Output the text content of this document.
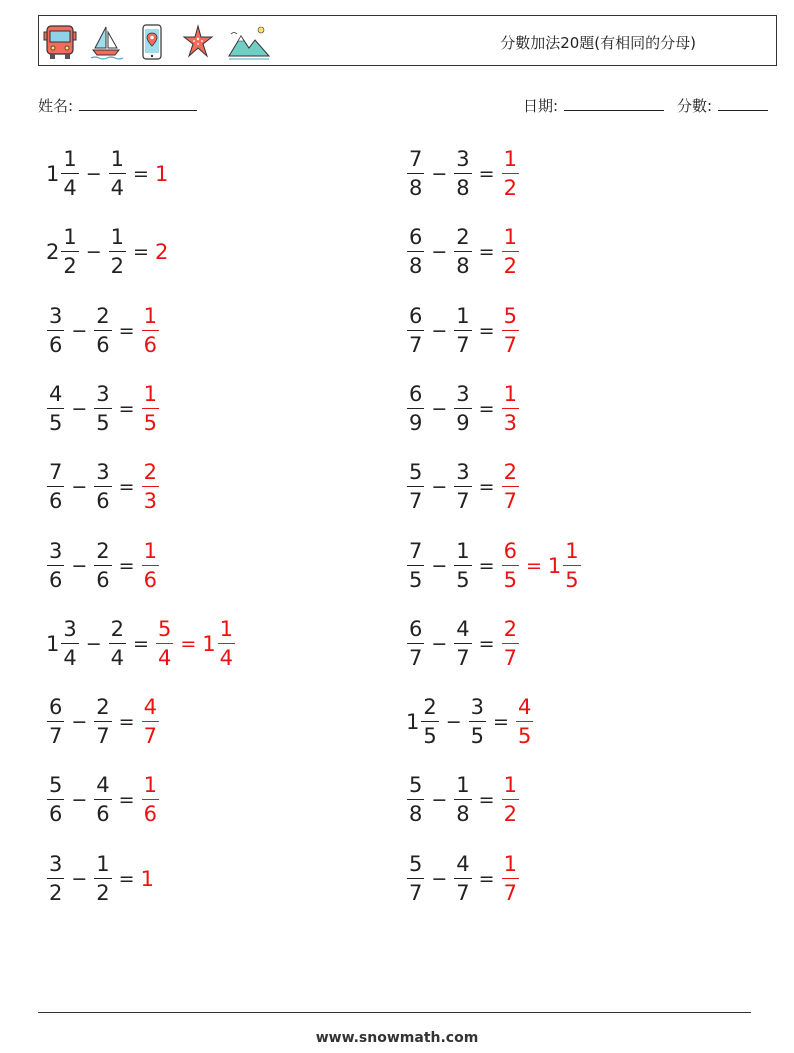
分數加法20題(有相同的分母)
姓名:	日期:	分數:
$1 \frac{1}{4} - \frac{1}{4} = 1$	$\frac{7}{8} - \frac{3}{8} = \frac{1}{2}$
$2 \frac{1}{2} - \frac{1}{2} = 2$	$\frac{6}{8} - \frac{2}{8} = \frac{1}{2}$
$\frac{3}{6} - \frac{2}{6} = \frac{1}{6}$	$\frac{6}{7} - \frac{1}{7} = \frac{5}{7}$
$\frac{4}{5} - \frac{3}{5} = \frac{1}{5}$	$\frac{6}{9} - \frac{3}{9} = \frac{1}{3}$
$\frac{7}{6} - \frac{3}{6} = \frac{2}{3}$	$\frac{5}{7} - \frac{3}{7} = \frac{2}{7}$
$\frac{3}{6} - \frac{2}{6} = \frac{1}{6}$	$\frac{7}{5} - \frac{1}{5} = \frac{6}{5} = 1 \frac{1}{5}$
$1 \frac{3}{4} - \frac{2}{4} = \frac{5}{4} = 1 \frac{1}{4}$	$\frac{6}{7} - \frac{4}{7} = \frac{2}{7}$
$\frac{6}{7} - \frac{2}{7} = \frac{4}{7}$	$1 \frac{2}{5} - \frac{3}{5} = \frac{4}{5}$
$\frac{5}{6} - \frac{4}{6} = \frac{1}{6}$	$\frac{5}{8} - \frac{1}{8} = \frac{1}{2}$
$\frac{3}{2} - \frac{1}{2} = 1$	$\frac{5}{7} - \frac{4}{7} = \frac{1}{7}$
www.snowmath.com
